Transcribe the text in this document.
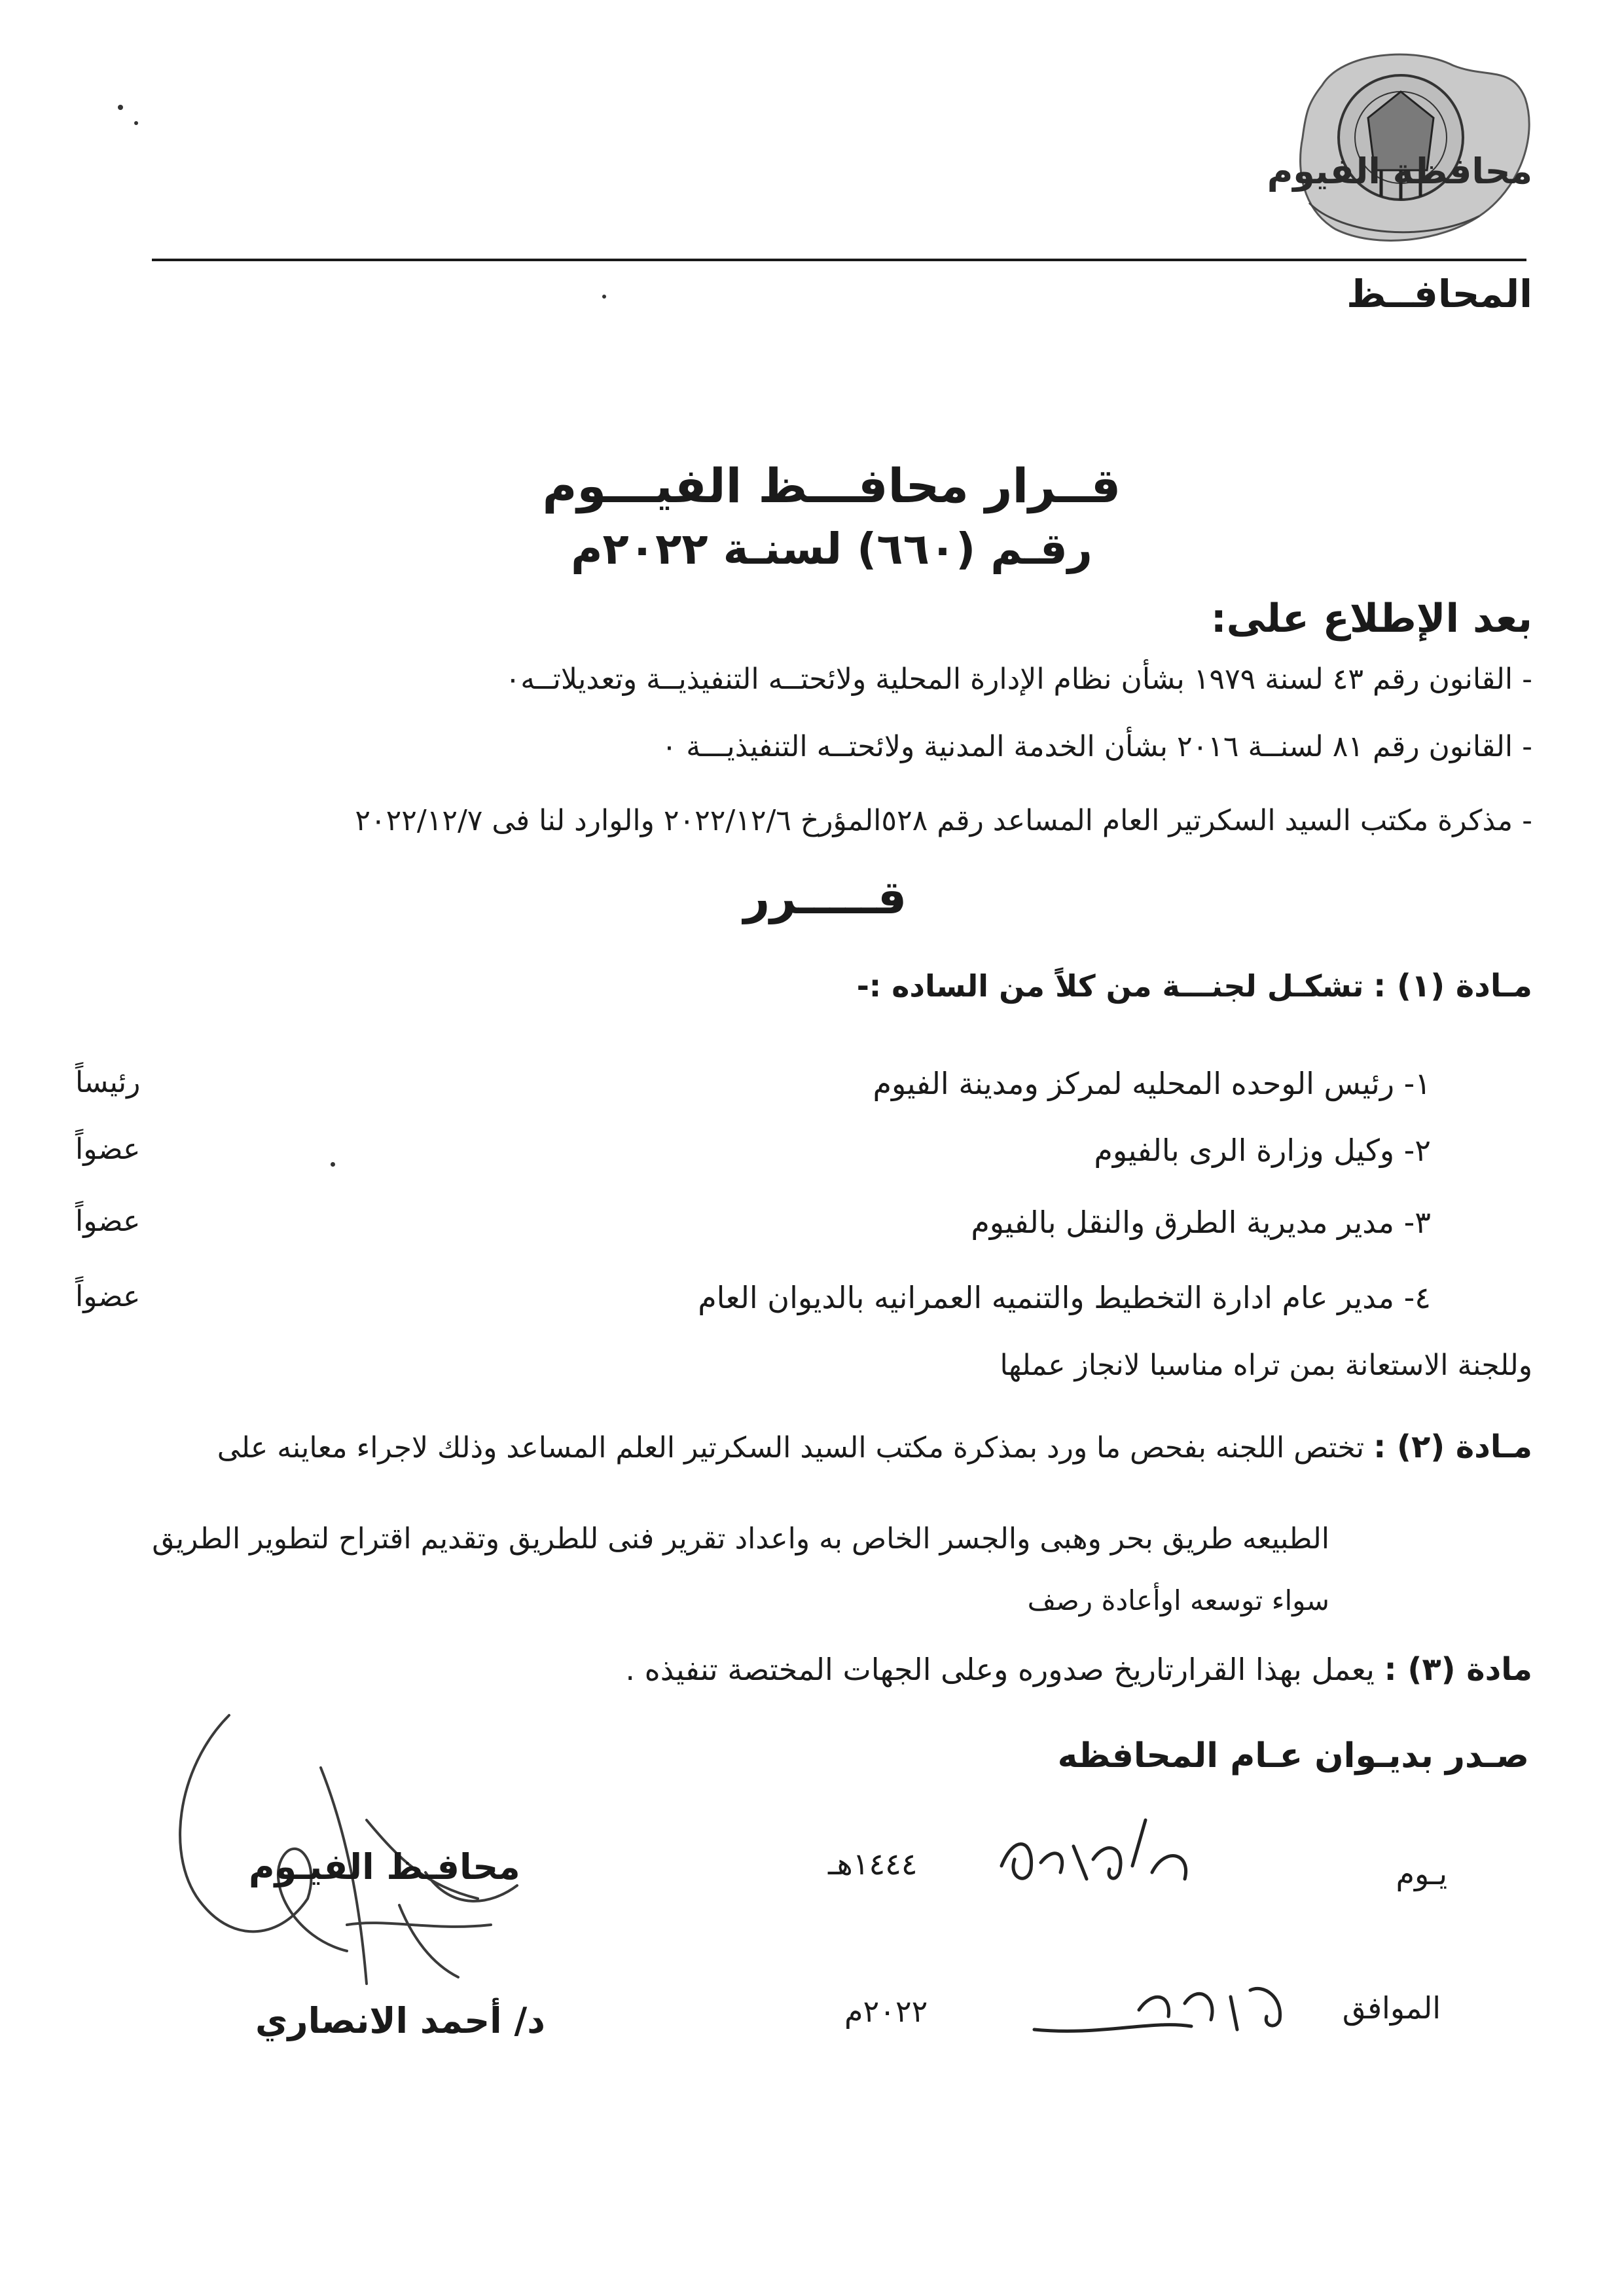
محافظة الفيوم
المحافــظ
قــرار محافـــظ الفيـــوم
رقـم (٦٦٠) لسنـة ٢٠٢٢م
بعد الإطلاع على:
- القانون رقم ٤٣ لسنة ١٩٧٩ بشأن نظام الإدارة المحلية ولائحتــه التنفيذيــة وتعديلاتــه٠
- القانون رقم ٨١ لسنــة ٢٠١٦ بشأن الخدمة المدنية ولائحتــه التنفيذيـــة ٠
- مذكرة مكتب السيد السكرتير العام المساعد رقم ٥٢٨المؤرخ ٢٠٢٢/١٢/٦ والوارد لنا فى ٢٠٢٢/١٢/٧
قـــــرر
مـادة (١) : تشكـل لجنـــة من كلاً من الساده :-
١- رئيس الوحده المحليه لمركز ومدينة الفيوم
رئيساً
٢- وكيل وزارة الرى بالفيوم
عضواً
٣- مدير مديرية الطرق والنقل بالفيوم
عضواً
٤- مدير عام ادارة التخطيط والتنميه العمرانيه بالديوان العام
عضواً
وللجنة الاستعانة بمن تراه مناسبا لانجاز عملها
مـادة (٢) : تختص اللجنه بفحص ما ورد بمذكرة مكتب السيد السكرتير العلم المساعد وذلك لاجراء معاينه على
الطبيعه طريق بحر وهبى والجسر الخاص به واعداد تقرير فنى للطريق وتقديم اقتراح لتطوير الطريق
سواء توسعه اوأعادة رصف
مادة (٣) : يعمل بهذا القرارتاريخ صدوره وعلى الجهات المختصة تنفيذه .
صـدر بديـوان عـام المحافظه
يـوم
١٤٤٤هـ
الموافق
٢٠٢٢م
محافـظ الفيـوم
د/ أحمد الانصاري
